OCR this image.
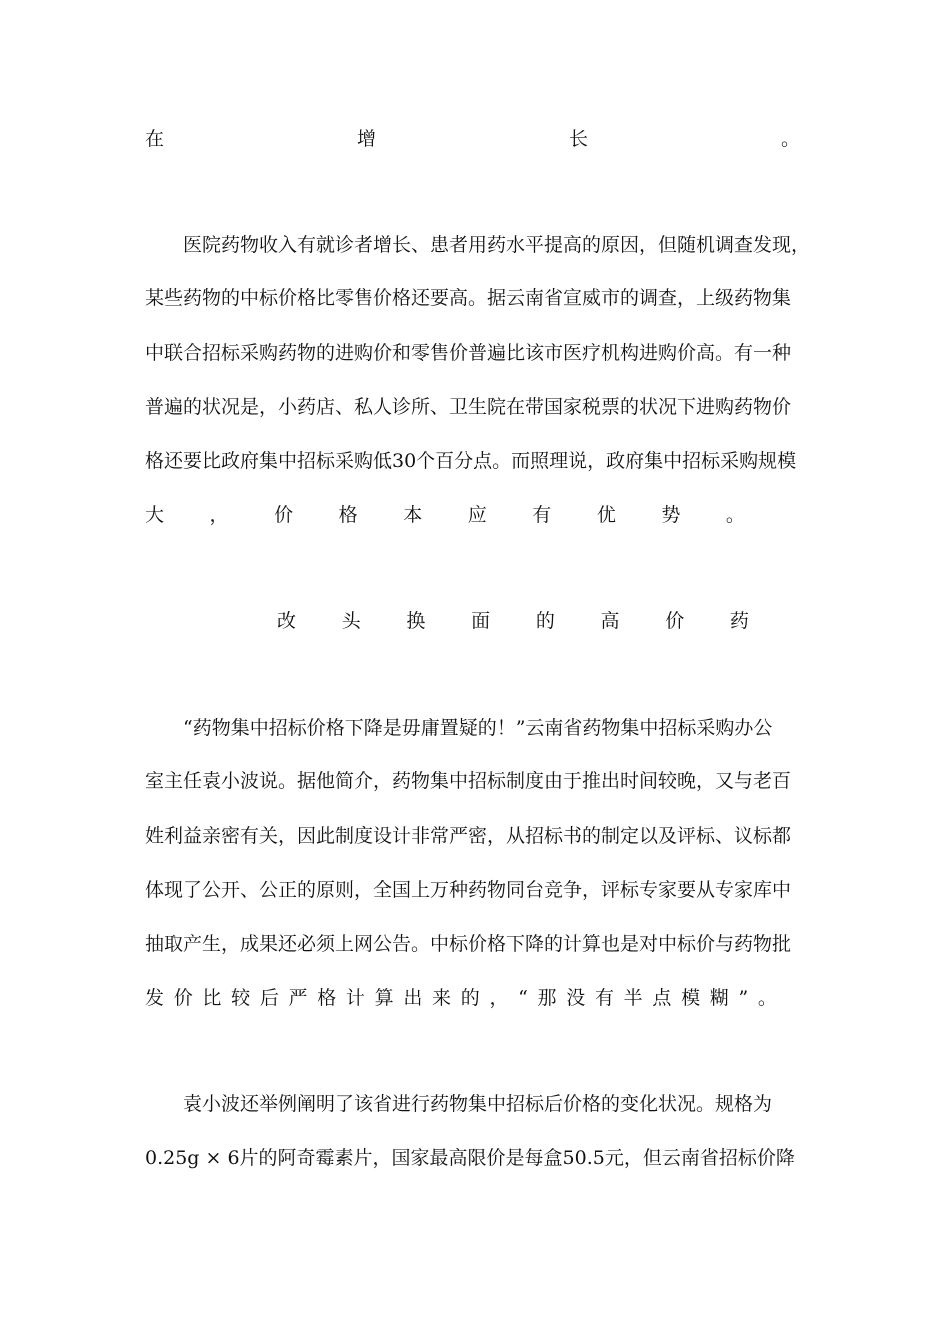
在	增	长	。
医院药物收入有就诊者增长、患者用药水平提高的原因，但随机调查发现，
某些药物的中标价格比零售价格还要高。据云南省宣威市的调查，上级药物集
中联合招标采购药物的进购价和零售价普遍比该市医疗机构进购价高。有一种
普遍的状况是，小药店、私人诊所、卫生院在带国家税票的状况下进购药物价
格还要比政府集中招标采购低30个百分点。而照理说，政府集中招标采购规模
大 ， 价 格 本 应 有 优 势 。
改 头 换 面 的 高 价 药
“药物集中招标价格下降是毋庸置疑的！”云南省药物集中招标采购办公
室主任袁小波说。据他简介，药物集中招标制度由于推出时间较晚，又与老百
姓利益亲密有关，因此制度设计非常严密，从招标书的制定以及评标、议标都
体现了公开、公正的原则，全国上万种药物同台竞争，评标专家要从专家库中
抽取产生，成果还必须上网公告。中标价格下降的计算也是对中标价与药物批
发 价 比 较 后 严 格 计 算 出 来 的 ， “ 那 没 有 半 点 模 糊 ” 。
袁小波还举例阐明了该省进行药物集中招标后价格的变化状况。规格为
0.25g × 6片的阿奇霉素片，国家最高限价是每盒50.5元，但云南省招标价降
